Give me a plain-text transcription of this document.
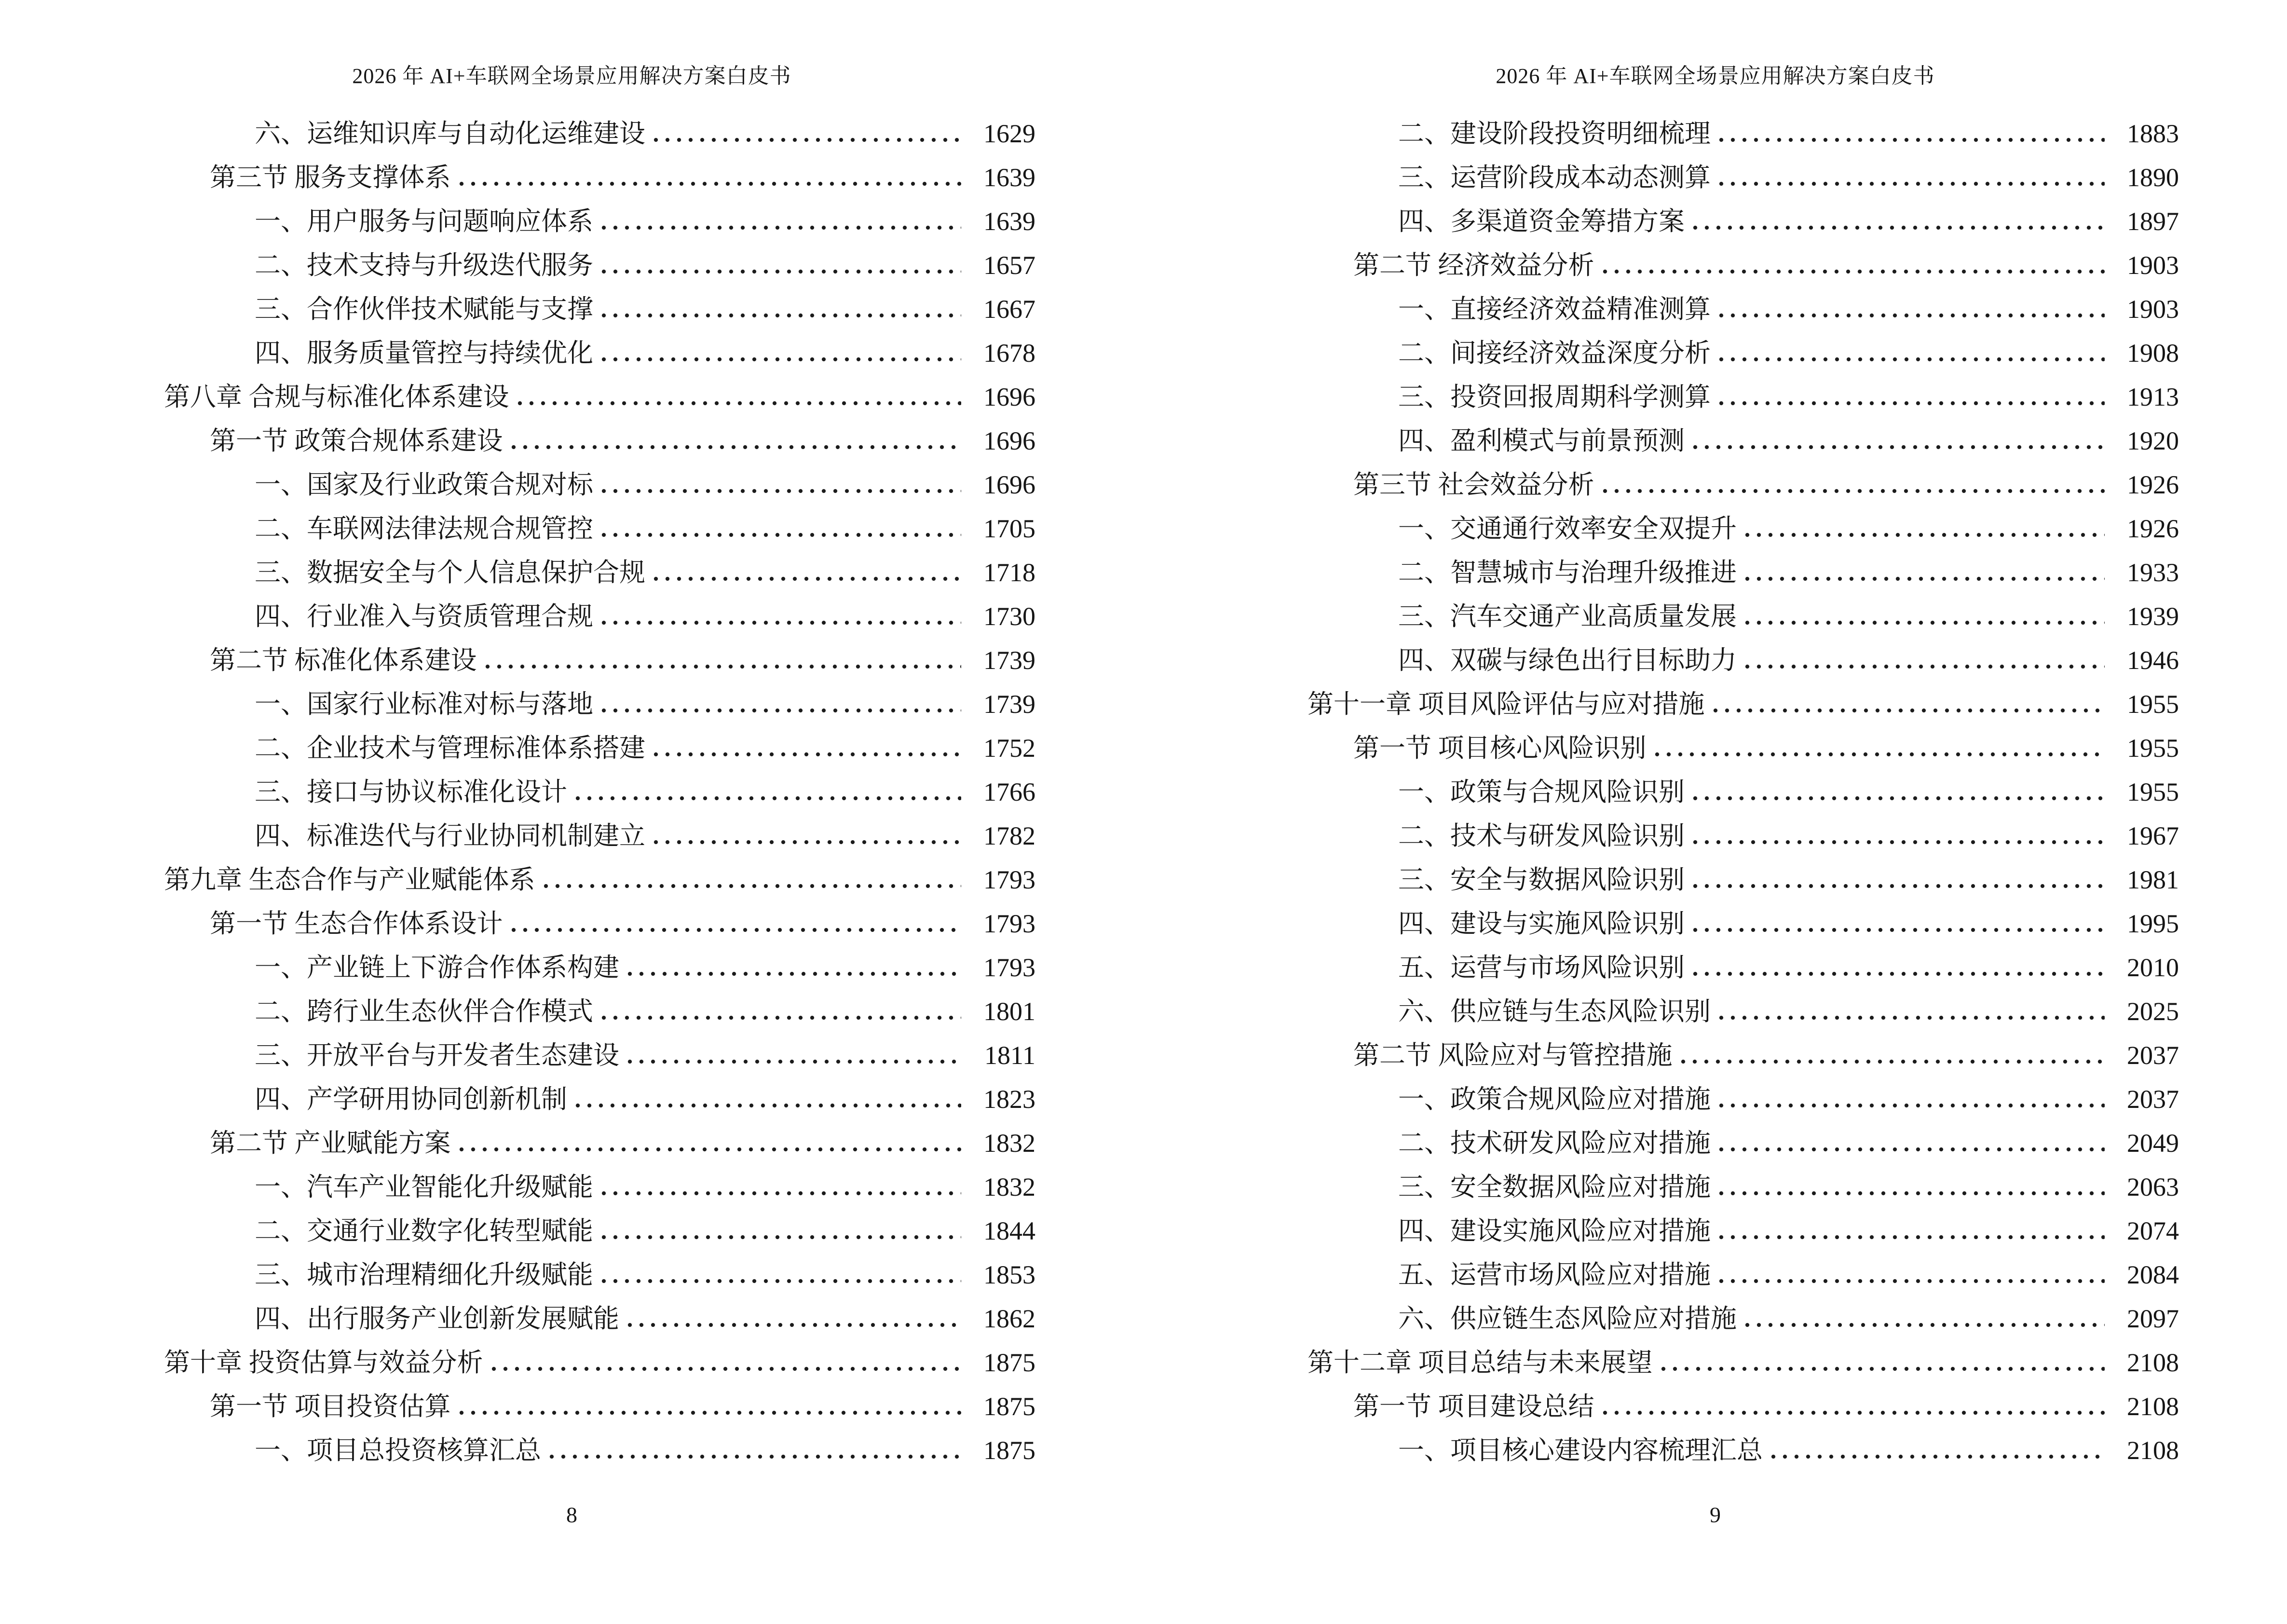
2026 年 AI+车联网全场景应用解决方案白皮书
六、运维知识库与自动化运维建设	1629
第三节 服务支撑体系	1639
一、用户服务与问题响应体系	1639
二、技术支持与升级迭代服务	1657
三、合作伙伴技术赋能与支撑	1667
四、服务质量管控与持续优化	1678
第八章 合规与标准化体系建设	1696
第一节 政策合规体系建设	1696
一、国家及行业政策合规对标	1696
二、车联网法律法规合规管控	1705
三、数据安全与个人信息保护合规	1718
四、行业准入与资质管理合规	1730
第二节 标准化体系建设	1739
一、国家行业标准对标与落地	1739
二、企业技术与管理标准体系搭建	1752
三、接口与协议标准化设计	1766
四、标准迭代与行业协同机制建立	1782
第九章 生态合作与产业赋能体系	1793
第一节 生态合作体系设计	1793
一、产业链上下游合作体系构建	1793
二、跨行业生态伙伴合作模式	1801
三、开放平台与开发者生态建设	1811
四、产学研用协同创新机制	1823
第二节 产业赋能方案	1832
一、汽车产业智能化升级赋能	1832
二、交通行业数字化转型赋能	1844
三、城市治理精细化升级赋能	1853
四、出行服务产业创新发展赋能	1862
第十章 投资估算与效益分析	1875
第一节 项目投资估算	1875
一、项目总投资核算汇总	1875
8
2026 年 AI+车联网全场景应用解决方案白皮书
二、建设阶段投资明细梳理	1883
三、运营阶段成本动态测算	1890
四、多渠道资金筹措方案	1897
第二节 经济效益分析	1903
一、直接经济效益精准测算	1903
二、间接经济效益深度分析	1908
三、投资回报周期科学测算	1913
四、盈利模式与前景预测	1920
第三节 社会效益分析	1926
一、交通通行效率安全双提升	1926
二、智慧城市与治理升级推进	1933
三、汽车交通产业高质量发展	1939
四、双碳与绿色出行目标助力	1946
第十一章 项目风险评估与应对措施	1955
第一节 项目核心风险识别	1955
一、政策与合规风险识别	1955
二、技术与研发风险识别	1967
三、安全与数据风险识别	1981
四、建设与实施风险识别	1995
五、运营与市场风险识别	2010
六、供应链与生态风险识别	2025
第二节 风险应对与管控措施	2037
一、政策合规风险应对措施	2037
二、技术研发风险应对措施	2049
三、安全数据风险应对措施	2063
四、建设实施风险应对措施	2074
五、运营市场风险应对措施	2084
六、供应链生态风险应对措施	2097
第十二章 项目总结与未来展望	2108
第一节 项目建设总结	2108
一、项目核心建设内容梳理汇总	2108
9
